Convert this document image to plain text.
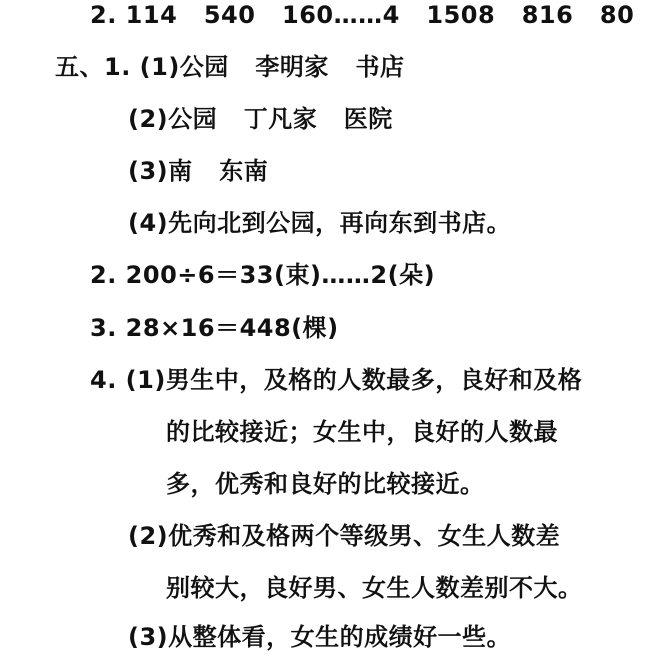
2. 114   540   160……4   1508   816   80
五、1. (1)公园   李明家   书店
(2)公园   丁凡家   医院
(3)南   东南
(4)先向北到公园，再向东到书店。
2. 200÷6＝33(束)……2(朵)
3. 28×16＝448(棵)
4. (1)男生中，及格的人数最多，良好和及格
的比较接近；女生中，良好的人数最
多，优秀和良好的比较接近。
(2)优秀和及格两个等级男、女生人数差
别较大，良好男、女生人数差别不大。
(3)从整体看，女生的成绩好一些。
